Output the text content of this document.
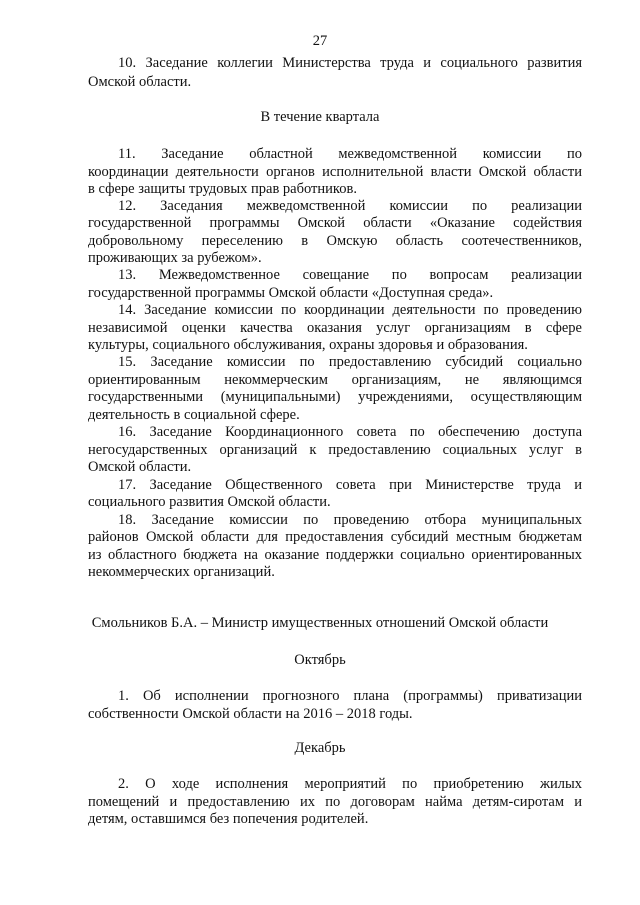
27
10. Заседание коллегии Министерства труда и социального развития
Омской области.
В течение квартала
11. Заседание областной межведомственной комиссии по
координации деятельности органов исполнительной власти Омской области
в сфере защиты трудовых прав работников.
12. Заседания межведомственной комиссии по реализации
государственной программы Омской области «Оказание содействия
добровольному переселению в Омскую область соотечественников,
проживающих за рубежом».
13. Межведомственное совещание по вопросам реализации
государственной программы Омской области «Доступная среда».
14. Заседание комиссии по координации деятельности по проведению
независимой оценки качества оказания услуг организациям в сфере
культуры, социального обслуживания, охраны здоровья и образования.
15. Заседание комиссии по предоставлению субсидий социально
ориентированным некоммерческим организациям, не являющимся
государственными (муниципальными) учреждениями, осуществляющим
деятельность в социальной сфере.
16. Заседание Координационного совета по обеспечению доступа
негосударственных организаций к предоставлению социальных услуг в
Омской области.
17. Заседание Общественного совета при Министерстве труда и
социального развития Омской области.
18. Заседание комиссии по проведению отбора муниципальных
районов Омской области для предоставления субсидий местным бюджетам
из областного бюджета на оказание поддержки социально ориентированных
некоммерческих организаций.
Смольников Б.А. – Министр имущественных отношений Омской области
Октябрь
1. Об исполнении прогнозного плана (программы) приватизации
собственности Омской области на 2016 – 2018 годы.
Декабрь
2. О ходе исполнения мероприятий по приобретению жилых
помещений и предоставлению их по договорам найма детям-сиротам и
детям, оставшимся без попечения родителей.
